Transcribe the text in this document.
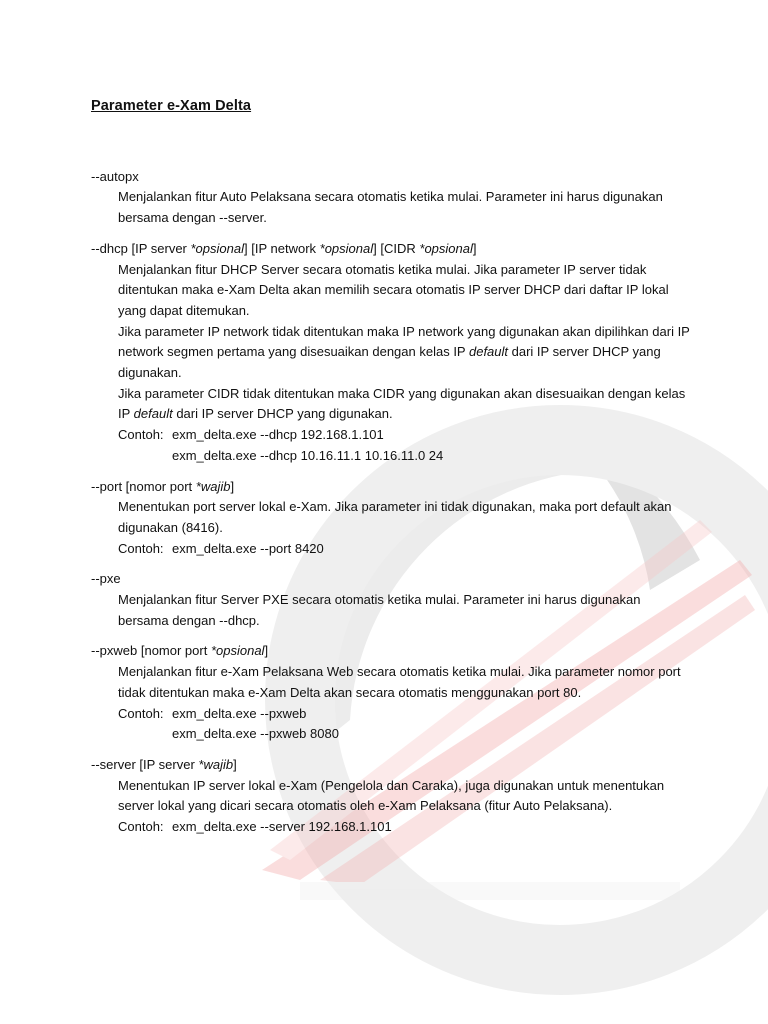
Parameter e-Xam Delta
--autopx

Menjalankan fitur Auto Pelaksana secara otomatis ketika mulai. Parameter ini harus digunakan bersama dengan --server.

--dhcp [IP server *opsional] [IP network *opsional] [CIDR *opsional]

Menjalankan fitur DHCP Server secara otomatis ketika mulai. Jika parameter IP server tidak ditentukan maka e-Xam Delta akan memilih secara otomatis IP server DHCP dari daftar IP lokal yang dapat ditemukan.

Jika parameter IP network tidak ditentukan maka IP network yang digunakan akan dipilihkan dari IP network segmen pertama yang disesuaikan dengan kelas IP default dari IP server DHCP yang digunakan.

Jika parameter CIDR tidak ditentukan maka CIDR yang digunakan akan disesuaikan dengan kelas IP default dari IP server DHCP yang digunakan.

Contoh: exm_delta.exe --dhcp 192.168.1.101
exm_delta.exe --dhcp 10.16.11.1 10.16.11.0 24
--port [nomor port *wajib]

Menentukan port server lokal e-Xam. Jika parameter ini tidak digunakan, maka port default akan digunakan (8416).

Contoh: exm_delta.exe --port 8420
--pxe

Menjalankan fitur Server PXE secara otomatis ketika mulai. Parameter ini harus digunakan bersama dengan --dhcp.

--pxweb [nomor port *opsional]

Menjalankan fitur e-Xam Pelaksana Web secara otomatis ketika mulai. Jika parameter nomor port tidak ditentukan maka e-Xam Delta akan secara otomatis menggunakan port 80.

Contoh: exm_delta.exe --pxweb
exm_delta.exe --pxweb 8080
--server [IP server *wajib]

Menentukan IP server lokal e-Xam (Pengelola dan Caraka), juga digunakan untuk menentukan server lokal yang dicari secara otomatis oleh e-Xam Pelaksana (fitur Auto Pelaksana).

Contoh: exm_delta.exe --server 192.168.1.101
